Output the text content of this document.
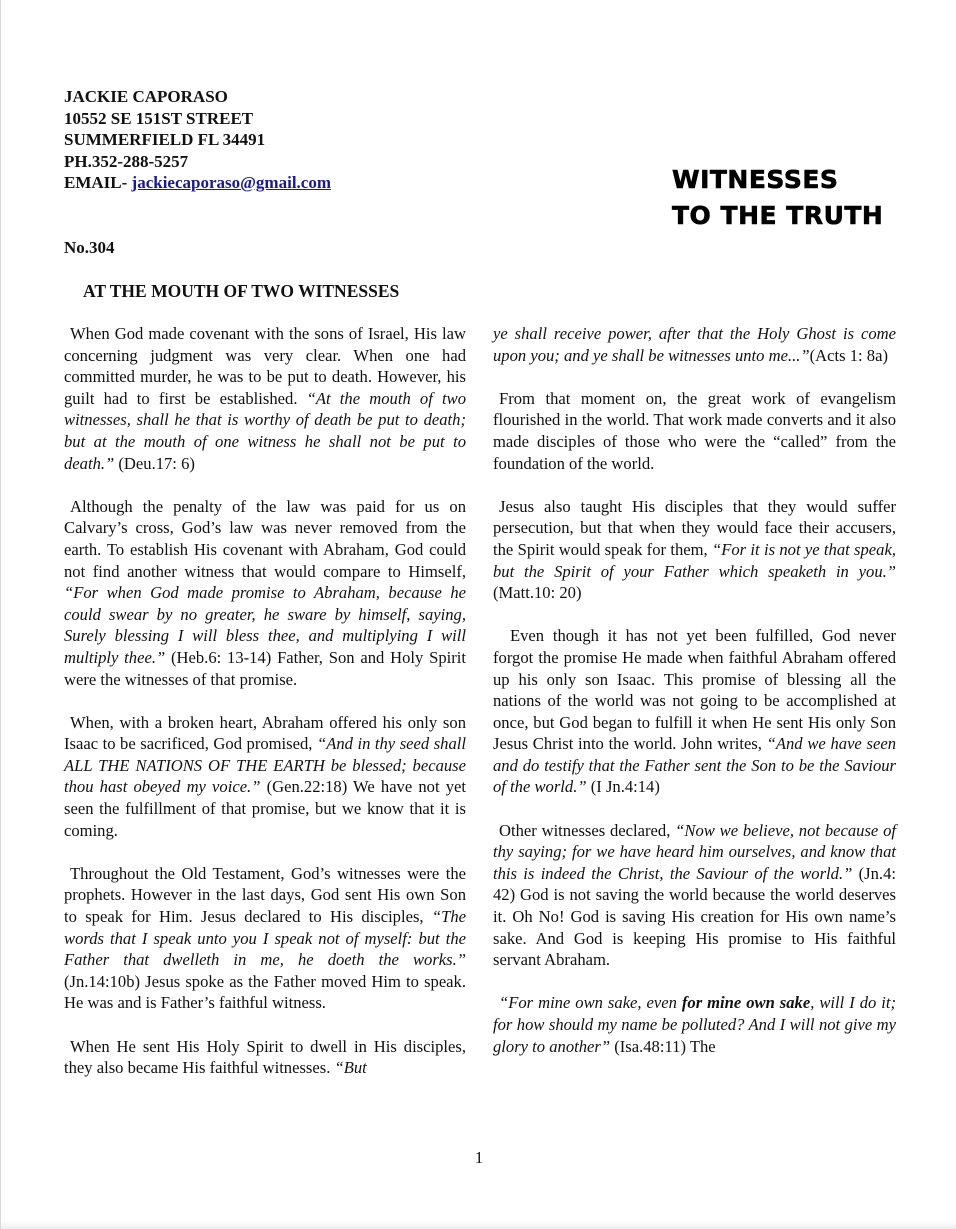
JACKIE CAPORASO
10552 SE 151ST STREET
SUMMERFIELD FL 34491
PH.352-288-5257
EMAIL- jackiecaporaso@gmail.com	WITNESSES
TO THE TRUTH
No.304
AT THE MOUTH OF TWO WITNESSES

When God made covenant with the sons of Israel, His law concerning judgment was very clear. When one had committed murder, he was to be put to death. However, his guilt had to first be established. “At the mouth of two witnesses, shall he that is worthy of death be put to death; but at the mouth of one witness he shall not be put to death.” (Deu.17: 6)

Although the penalty of the law was paid for us on Calvary’s cross, God’s law was never removed from the earth. To establish His covenant with Abraham, God could not find another witness that would compare to Himself, “For when God made promise to Abraham, because he could swear by no greater, he sware by himself, saying, Surely blessing I will bless thee, and multiplying I will multiply thee.” (Heb.6: 13-14) Father, Son and Holy Spirit were the witnesses of that promise.

When, with a broken heart, Abraham offered his only son Isaac to be sacrificed, God promised, “And in thy seed shall ALL THE NATIONS OF THE EARTH be blessed; because thou hast obeyed my voice.” (Gen.22:18) We have not yet seen the fulfillment of that promise, but we know that it is coming.

Throughout the Old Testament, God’s witnesses were the prophets. However in the last days, God sent His own Son to speak for Him. Jesus declared to His disciples, “The words that I speak unto you I speak not of myself: but the Father that dwelleth in me, he doeth the works.” (Jn.14:10b) Jesus spoke as the Father moved Him to speak. He was and is Father’s faithful witness.

When He sent His Holy Spirit to dwell in His disciples, they also became His faithful witnesses. “But

ye shall receive power, after that the Holy Ghost is come upon you; and ye shall be witnesses unto me...”(Acts 1: 8a)

From that moment on, the great work of evangelism flourished in the world. That work made converts and it also made disciples of those who were the “called” from the foundation of the world.

Jesus also taught His disciples that they would suffer persecution, but that when they would face their accusers, the Spirit would speak for them, “For it is not ye that speak, but the Spirit of your Father which speaketh in you.” (Matt.10: 20)

Even though it has not yet been fulfilled, God never forgot the promise He made when faithful Abraham offered up his only son Isaac. This promise of blessing all the nations of the world was not going to be accomplished at once, but God began to fulfill it when He sent His only Son Jesus Christ into the world. John writes, “And we have seen and do testify that the Father sent the Son to be the Saviour of the world.” (I Jn.4:14)

Other witnesses declared, “Now we believe, not because of thy saying; for we have heard him ourselves, and know that this is indeed the Christ, the Saviour of the world.” (Jn.4: 42) God is not saving the world because the world deserves it. Oh No! God is saving His creation for His own name’s sake. And God is keeping His promise to His faithful servant Abraham.

“For mine own sake, even for mine own sake, will I do it; for how should my name be polluted? And I will not give my glory to another” (Isa.48:11) The

1
